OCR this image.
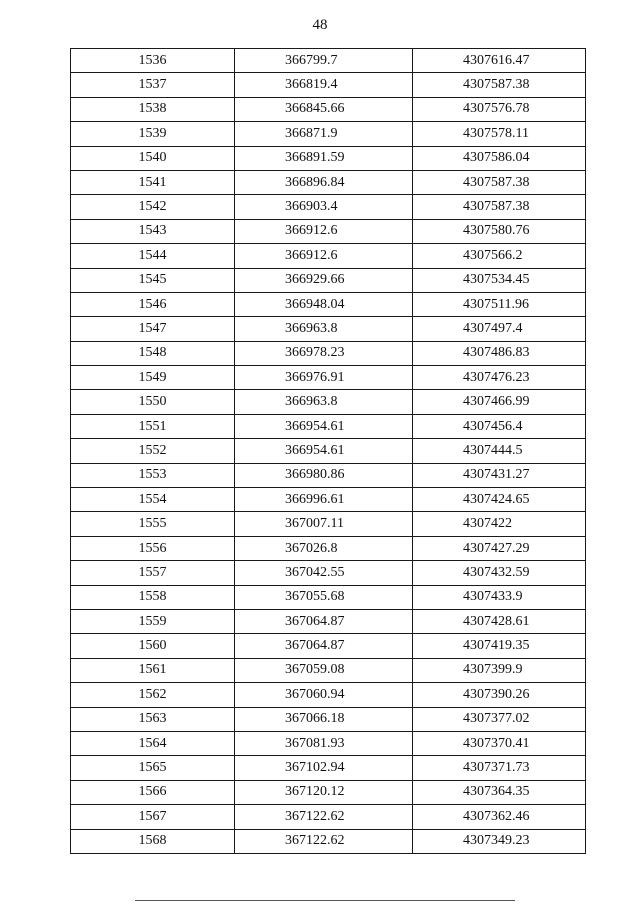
48
1536	366799.7	4307616.47
1537	366819.4	4307587.38
1538	366845.66	4307576.78
1539	366871.9	4307578.11
1540	366891.59	4307586.04
1541	366896.84	4307587.38
1542	366903.4	4307587.38
1543	366912.6	4307580.76
1544	366912.6	4307566.2
1545	366929.66	4307534.45
1546	366948.04	4307511.96
1547	366963.8	4307497.4
1548	366978.23	4307486.83
1549	366976.91	4307476.23
1550	366963.8	4307466.99
1551	366954.61	4307456.4
1552	366954.61	4307444.5
1553	366980.86	4307431.27
1554	366996.61	4307424.65
1555	367007.11	4307422
1556	367026.8	4307427.29
1557	367042.55	4307432.59
1558	367055.68	4307433.9
1559	367064.87	4307428.61
1560	367064.87	4307419.35
1561	367059.08	4307399.9
1562	367060.94	4307390.26
1563	367066.18	4307377.02
1564	367081.93	4307370.41
1565	367102.94	4307371.73
1566	367120.12	4307364.35
1567	367122.62	4307362.46
1568	367122.62	4307349.23
